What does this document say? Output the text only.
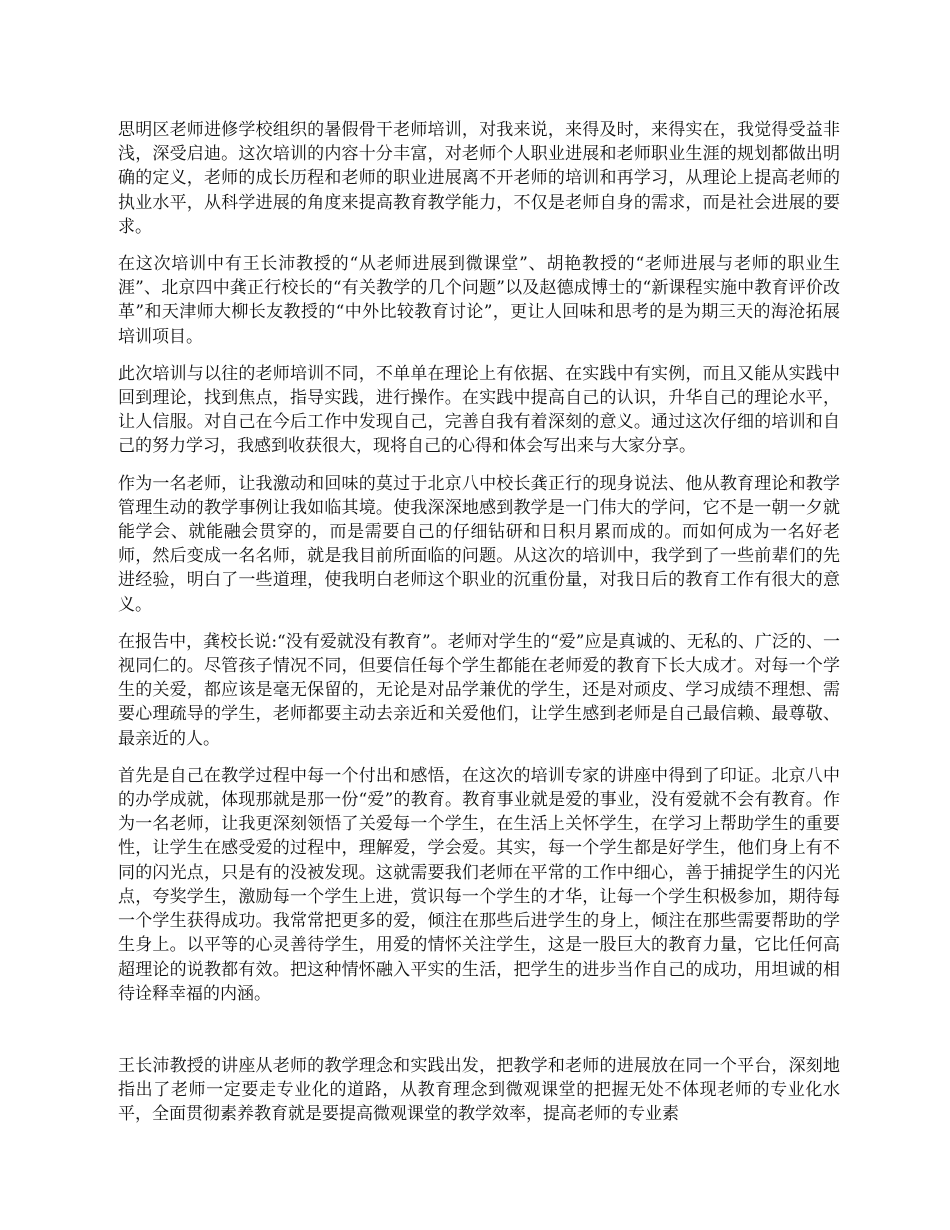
思明区老师进修学校组织的暑假骨干老师培训，对我来说，来得及时，来得实在，我觉得受益非浅，深受启迪。这次培训的内容十分丰富，对老师个人职业进展和老师职业生涯的规划都做出明确的定义，老师的成长历程和老师的职业进展离不开老师的培训和再学习，从理论上提高老师的执业水平，从科学进展的角度来提高教育教学能力，不仅是老师自身的需求，而是社会进展的要求。

在这次培训中有王长沛教授的“从老师进展到微课堂”、胡艳教授的“老师进展与老师的职业生涯”、北京四中龚正行校长的“有关教学的几个问题”以及赵德成博士的“新课程实施中教育评价改革”和天津师大柳长友教授的“中外比较教育讨论”，更让人回味和思考的是为期三天的海沧拓展培训项目。

此次培训与以往的老师培训不同，不单单在理论上有依据、在实践中有实例，而且又能从实践中回到理论，找到焦点，指导实践，进行操作。在实践中提高自己的认识，升华自己的理论水平，让人信服。对自己在今后工作中发现自己，完善自我有着深刻的意义。通过这次仔细的培训和自己的努力学习，我感到收获很大，现将自己的心得和体会写出来与大家分享。

作为一名老师，让我激动和回味的莫过于北京八中校长龚正行的现身说法、他从教育理论和教学管理生动的教学事例让我如临其境。使我深深地感到教学是一门伟大的学问，它不是一朝一夕就能学会、就能融会贯穿的，而是需要自己的仔细钻研和日积月累而成的。而如何成为一名好老师，然后变成一名名师，就是我目前所面临的问题。从这次的培训中，我学到了一些前辈们的先进经验，明白了一些道理，使我明白老师这个职业的沉重份量，对我日后的教育工作有很大的意义。

在报告中，龚校长说:“没有爱就没有教育”。老师对学生的“爱”应是真诚的、无私的、广泛的、一视同仁的。尽管孩子情况不同，但要信任每个学生都能在老师爱的教育下长大成才。对每一个学生的关爱，都应该是毫无保留的，无论是对品学兼优的学生，还是对顽皮、学习成绩不理想、需要心理疏导的学生，老师都要主动去亲近和关爱他们，让学生感到老师是自己最信赖、最尊敬、最亲近的人。

首先是自己在教学过程中每一个付出和感悟，在这次的培训专家的讲座中得到了印证。北京八中的办学成就，体现那就是那一份“爱”的教育。教育事业就是爱的事业，没有爱就不会有教育。作为一名老师，让我更深刻领悟了关爱每一个学生，在生活上关怀学生，在学习上帮助学生的重要性，让学生在感受爱的过程中，理解爱，学会爱。其实，每一个学生都是好学生，他们身上有不同的闪光点，只是有的没被发现。这就需要我们老师在平常的工作中细心，善于捕捉学生的闪光点，夸奖学生，激励每一个学生上进，赏识每一个学生的才华，让每一个学生积极参加，期待每一个学生获得成功。我常常把更多的爱，倾注在那些后进学生的身上，倾注在那些需要帮助的学生身上。以平等的心灵善待学生，用爱的情怀关注学生，这是一股巨大的教育力量，它比任何高超理论的说教都有效。把这种情怀融入平实的生活，把学生的进步当作自己的成功，用坦诚的相待诠释幸福的内涵。

王长沛教授的讲座从老师的教学理念和实践出发，把教学和老师的进展放在同一个平台，深刻地指出了老师一定要走专业化的道路，从教育理念到微观课堂的把握无处不体现老师的专业化水平，全面贯彻素养教育就是要提高微观课堂的教学效率，提高老师的专业素
